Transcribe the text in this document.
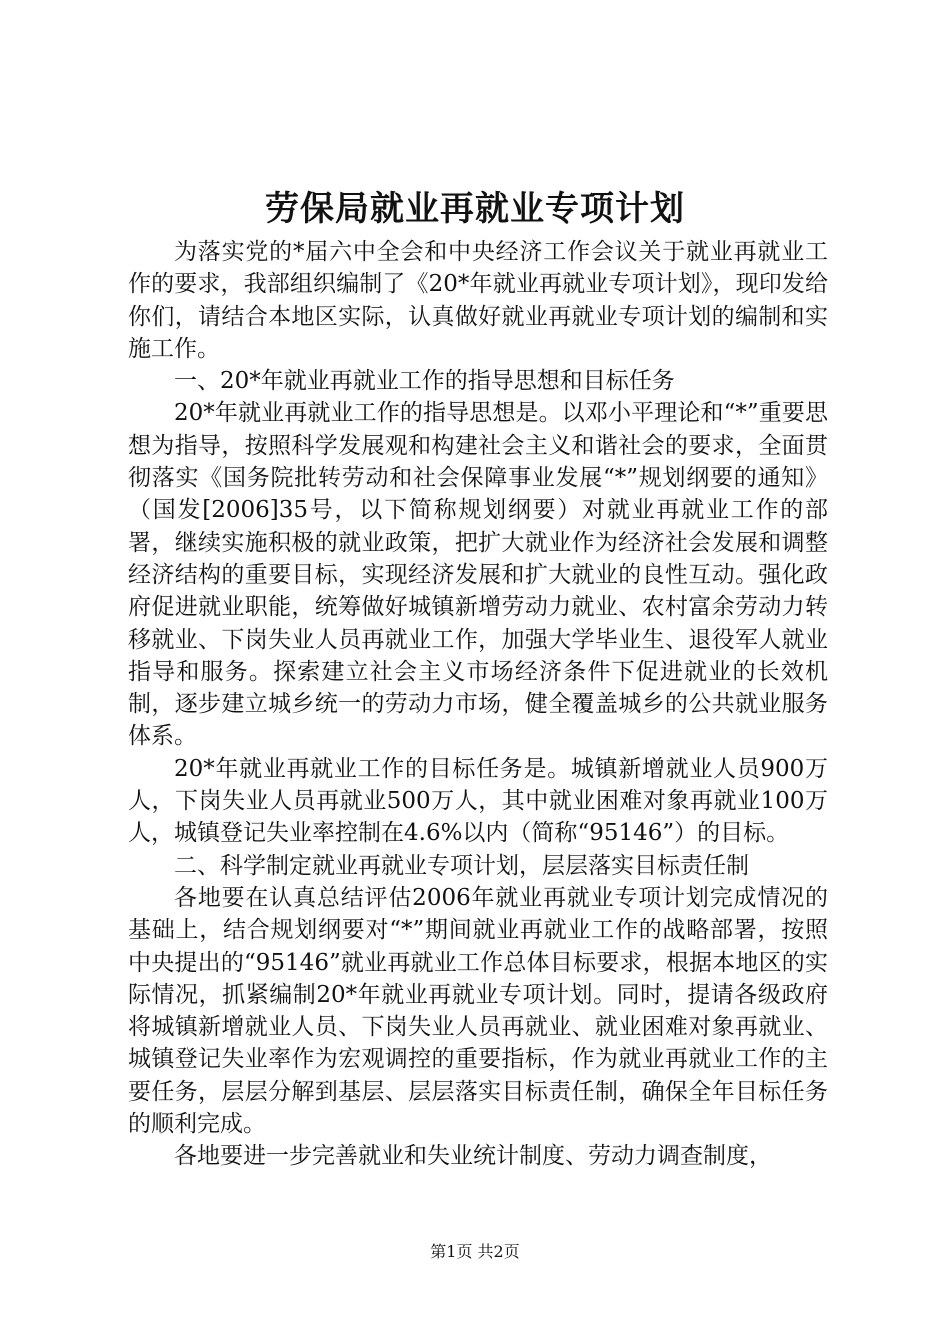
劳保局就业再就业专项计划

为落实党的*届六中全会和中央经济工作会议关于就业再就业工作的要求，我部组织编制了《20*年就业再就业专项计划》，现印发给你们，请结合本地区实际，认真做好就业再就业专项计划的编制和实施工作。

一、20*年就业再就业工作的指导思想和目标任务

20*年就业再就业工作的指导思想是。以邓小平理论和“*”重要思想为指导，按照科学发展观和构建社会主义和谐社会的要求，全面贯彻落实《国务院批转劳动和社会保障事业发展“*”规划纲要的通知》（国发[2006]35号，以下简称规划纲要）对就业再就业工作的部署，继续实施积极的就业政策，把扩大就业作为经济社会发展和调整经济结构的重要目标，实现经济发展和扩大就业的良性互动。强化政府促进就业职能，统筹做好城镇新增劳动力就业、农村富余劳动力转移就业、下岗失业人员再就业工作，加强大学毕业生、退役军人就业指导和服务。探索建立社会主义市场经济条件下促进就业的长效机制，逐步建立城乡统一的劳动力市场，健全覆盖城乡的公共就业服务体系。

20*年就业再就业工作的目标任务是。城镇新增就业人员900万人，下岗失业人员再就业500万人，其中就业困难对象再就业100万人，城镇登记失业率控制在4.6%以内（简称“95146”）的目标。

二、科学制定就业再就业专项计划，层层落实目标责任制

各地要在认真总结评估2006年就业再就业专项计划完成情况的基础上，结合规划纲要对“*”期间就业再就业工作的战略部署，按照中央提出的“95146”就业再就业工作总体目标要求，根据本地区的实际情况，抓紧编制20*年就业再就业专项计划。同时，提请各级政府将城镇新增就业人员、下岗失业人员再就业、就业困难对象再就业、城镇登记失业率作为宏观调控的重要指标，作为就业再就业工作的主要任务，层层分解到基层、层层落实目标责任制，确保全年目标任务的顺利完成。

各地要进一步完善就业和失业统计制度、劳动力调查制度，

第1页 共2页
